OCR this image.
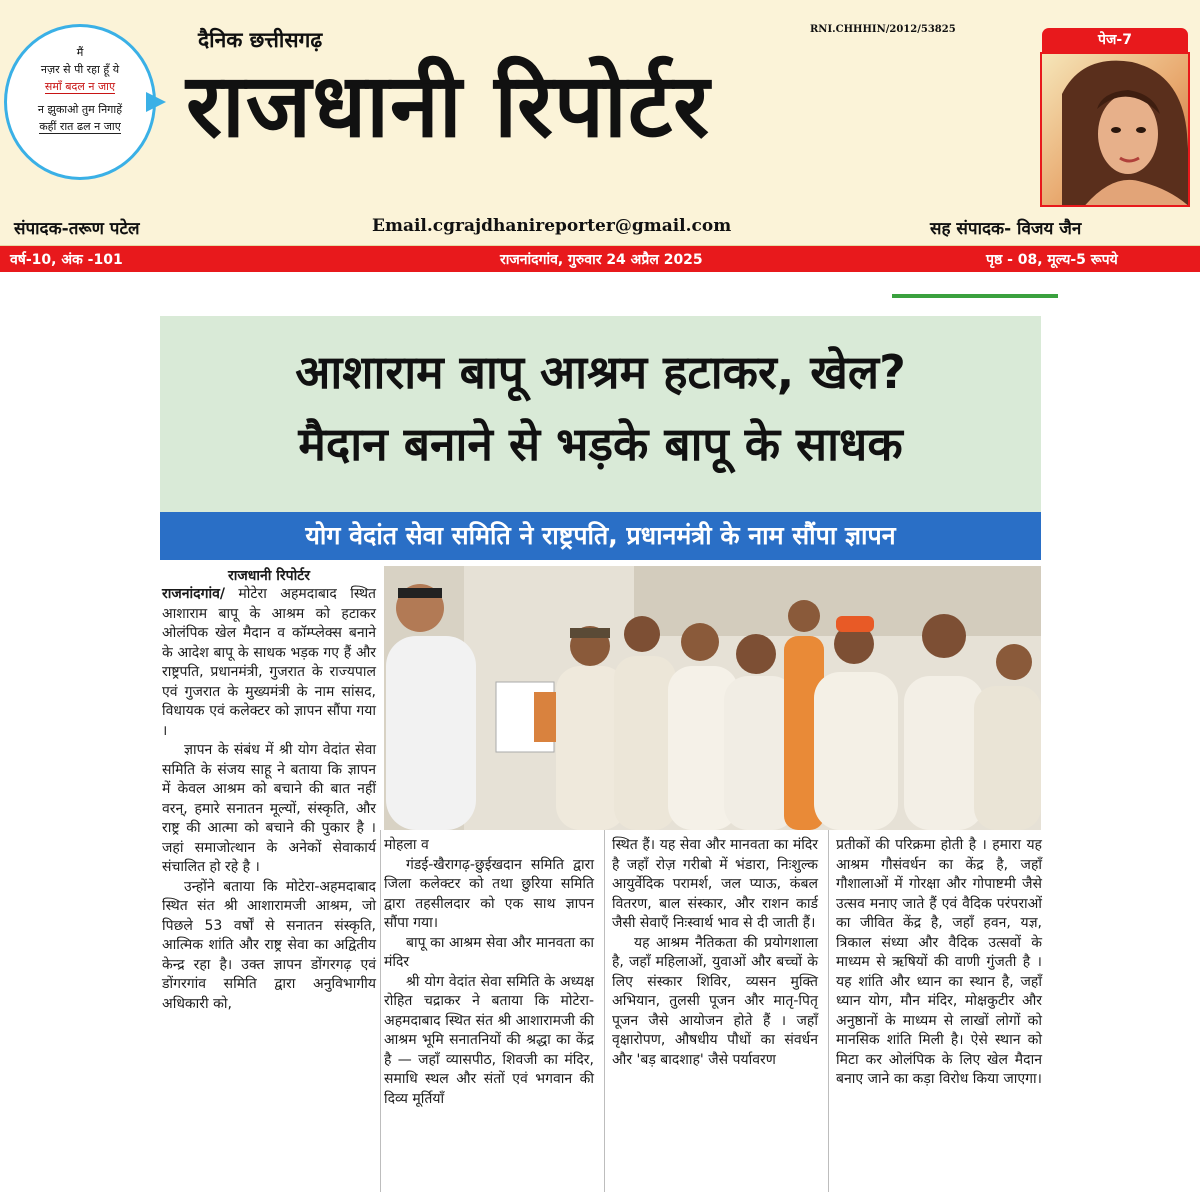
मैं
नज़र से पी रहा हूँ ये
समाँ बदल न जाए
न झुकाओ तुम निगाहें
कहीं रात ढल न जाए
दैनिक छत्तीसगढ़	RNI.CHHHIN/2012/53825
राजधानी रिपोर्टर
पेज-7
संपादक-तरूण पटेल	Email.cgrajdhanireporter@gmail.com	सह संपादक- विजय जैन
वर्ष-10, अंक -101	राजनांदगांव, गुरुवार 24 अप्रैल 2025	पृष्ठ - 08, मूल्य-5 रूपये
आशाराम बापू आश्रम हटाकर, खेल?
मैदान बनाने से भड़के बापू के साधक
योग वेदांत सेवा समिति ने राष्ट्रपति, प्रधानमंत्री के नाम सौंपा ज्ञापन
राजधानी रिपोर्टर

राजनांदगांव/ मोटेरा अहमदाबाद स्थित आशाराम बापू के आश्रम को हटाकर ओलंपिक खेल मैदान व कॉम्प्लेक्स बनाने के आदेश बापू के साधक भड़क गए हैं और राष्ट्रपति, प्रधानमंत्री, गुजरात के राज्यपाल एवं गुजरात के मुख्यमंत्री के नाम सांसद, विधायक एवं कलेक्टर को ज्ञापन सौंपा गया ।

ज्ञापन के संबंध में श्री योग वेदांत सेवा समिति के संजय साहू ने बताया कि ज्ञापन में केवल आश्रम को बचाने की बात नहीं वरन्, हमारे सनातन मूल्यों, संस्कृति, और राष्ट्र की आत्मा को बचाने की पुकार है । जहां समाजोत्थान के अनेकों सेवाकार्य संचालित हो रहे है ।

उन्होंने बताया कि मोटेरा-अहमदाबाद स्थित संत श्री आशारामजी आश्रम, जो पिछले 53 वर्षों से सनातन संस्कृति, आत्मिक शांति और राष्ट्र सेवा का अद्वितीय केन्द्र रहा है। उक्त ज्ञापन डोंगरगढ़ एवं डोंगरगांव समिति द्वारा अनुविभागीय अधिकारी को,

मोहला व

गंडई-खैरागढ़-छुईखदान समिति द्वारा जिला कलेक्टर को तथा छुरिया समिति द्वारा तहसीलदार को एक साथ ज्ञापन सौंपा गया।

बापू का आश्रम सेवा और मानवता का मंदिर

श्री योग वेदांत सेवा समिति के अध्यक्ष रोहित चद्राकर ने बताया कि मोटेरा-अहमदाबाद स्थित संत श्री आशारामजी की आश्रम भूमि सनातनियों की श्रद्धा का केंद्र है — जहाँ व्यासपीठ, शिवजी का मंदिर, समाधि स्थल और संतों एवं भगवान की दिव्य मूर्तियाँ

स्थित हैं। यह सेवा और मानवता का मंदिर है जहाँ रोज़ गरीबो में भंडारा, निःशुल्क आयुर्वेदिक परामर्श, जल प्याऊ, कंबल वितरण, बाल संस्कार, और राशन कार्ड जैसी सेवाएँ निःस्वार्थ भाव से दी जाती हैं।

यह आश्रम नैतिकता की प्रयोगशाला है, जहाँ महिलाओं, युवाओं और बच्चों के लिए संस्कार शिविर, व्यसन मुक्ति अभियान, तुलसी पूजन और मातृ-पितृ पूजन जैसे आयोजन होते हैं । जहाँ वृक्षारोपण, औषधीय पौधों का संवर्धन और 'बड़ बादशाह' जैसे पर्यावरण

प्रतीकों की परिक्रमा होती है । हमारा यह आश्रम गौसंवर्धन का केंद्र है, जहाँ गौशालाओं में गोरक्षा और गोपाष्टमी जैसे उत्सव मनाए जाते हैं एवं वैदिक परंपराओं का जीवित केंद्र है, जहाँ हवन, यज्ञ, त्रिकाल संध्या और वैदिक उत्सवों के माध्यम से ऋषियों की वाणी गुंजती है । यह शांति और ध्यान का स्थान है, जहाँ ध्यान योग, मौन मंदिर, मोक्षकुटीर और अनुष्ठानों के माध्यम से लाखों लोगों को मानसिक शांति मिली है। ऐसे स्थान को मिटा कर ओलंपिक के लिए खेल मैदान बनाए जाने का कड़ा विरोध किया जाएगा।
